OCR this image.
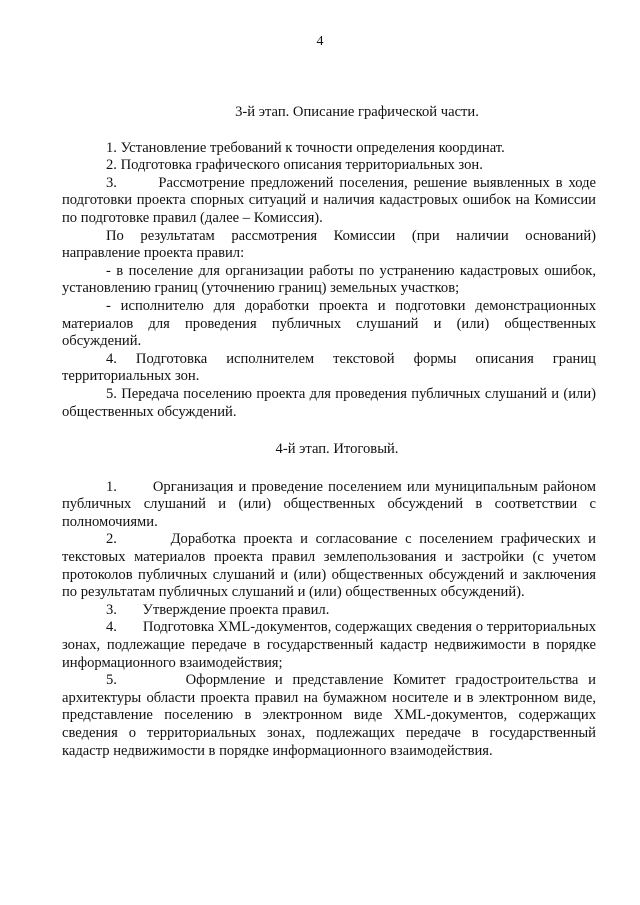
4
3-й этап. Описание графической части.

1. Установление требований к точности определения координат.

2. Подготовка графического описания территориальных зон.

3.       Рассмотрение предложений поселения, решение выявленных в ходе подготовки проекта спорных ситуаций и наличия кадастровых ошибок на Комиссии по подготовке правил (далее – Комиссия).

По результатам рассмотрения Комиссии (при наличии оснований) направление проекта правил:

- в поселение для организации работы по устранению кадастровых ошибок, установлению границ (уточнению границ) земельных участков;

- исполнителю для доработки проекта и подготовки демонстрационных материалов для проведения публичных слушаний и (или) общественных обсуждений.

4. Подготовка исполнителем текстовой формы описания границ территориальных зон.

5. Передача поселению проекта для проведения публичных слушаний и (или) общественных обсуждений.

4-й этап. Итоговый.

1.       Организация и проведение поселением или муниципальным районом публичных слушаний и (или) общественных обсуждений в соответствии с полномочиями.

2.       Доработка проекта и согласование с поселением графических и текстовых материалов проекта правил землепользования и застройки (с учетом протоколов публичных слушаний и (или) общественных обсуждений и заключения по результатам публичных слушаний и (или) общественных обсуждений).

3.       Утверждение проекта правил.

4.       Подготовка XML-документов, содержащих сведения о территориальных зонах, подлежащие передаче в государственный кадастр недвижимости в порядке информационного взаимодействия;

5.       Оформление и представление Комитет градостроительства и архитектуры области проекта правил на бумажном носителе и в электронном виде, представление поселению в электронном виде XML-документов, содержащих сведения о территориальных зонах, подлежащих передаче в государственный кадастр недвижимости в порядке информационного взаимодействия.
